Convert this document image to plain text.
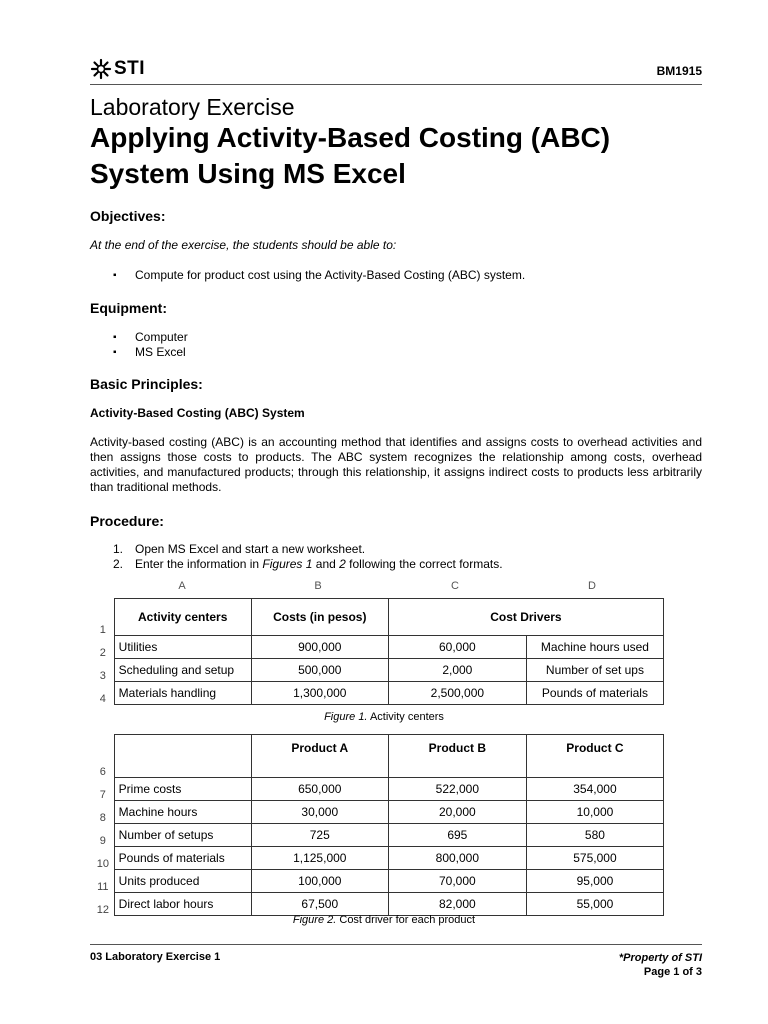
STI	BM1915
Laboratory Exercise
Applying Activity-Based Costing (ABC) System Using MS Excel
Objectives:
At the end of the exercise, the students should be able to:
▪ Compute for product cost using the Activity-Based Costing (ABC) system.
Equipment:
▪ Computer
▪ MS Excel
Basic Principles:
Activity-Based Costing (ABC) System
Activity-based costing (ABC) is an accounting method that identifies and assigns costs to overhead activities and then assigns those costs to products. The ABC system recognizes the relationship among costs, overhead activities, and manufactured products; through this relationship, it assigns indirect costs to products less arbitrarily than traditional methods.
Procedure:
1. Open MS Excel and start a new worksheet.
2. Enter the information in Figures 1 and 2 following the correct formats.
A	B	C	D
1	Activity centers	Costs (in pesos)	Cost Drivers	
2	Utilities	900,000	60,000	Machine hours used
3	Scheduling and setup	500,000	2,000	Number of set ups
4	Materials handling	1,300,000	2,500,000	Pounds of materials
Figure 1. Activity centers
6		Product A	Product B	Product C
7	Prime costs	650,000	522,000	354,000
8	Machine hours	30,000	20,000	10,000
9	Number of setups	725	695	580
10	Pounds of materials	1,125,000	800,000	575,000
11	Units produced	100,000	70,000	95,000
12	Direct labor hours	67,500	82,000	55,000
Figure 2. Cost driver for each product
03 Laboratory Exercise 1	*Property of STI
Page 1 of 3
